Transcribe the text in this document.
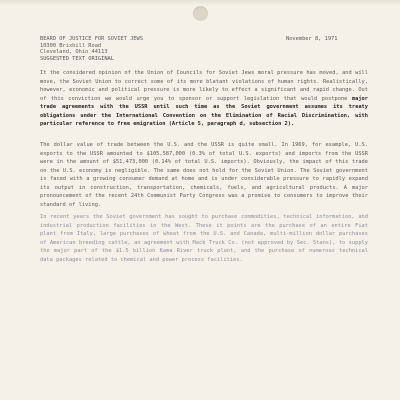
BEARD OF JUSTICE FOR SOVIET JEWS
10300 Brixhill Road
Cleveland, Ohio 44113
November 8, 1971
SUGGESTED TEXT ORIGINAL
It the considered opinion of the Union of Councils for Soviet Jews moral pressure has moved, and will move, the Soviet Union to correct some of its more blatant violations of human rights. Realistically, however, economic and political pressure is more likely to effect a significant and rapid change. Out of this conviction we would urge you to sponsor or support legislation that would postpone major trade agreements with the USSR until such time as the Soviet government assumes its treaty obligations under the International Convention on the Elimination of Racial Discrimination, with particular reference to free emigration (Article 5, paragraph d, subsection 2).
The dollar value of trade between the U.S. and the USSR is quite small. In 1969, for example, U.S. exports to the USSR amounted to $105,587,000 (0.3% of total U.S. exports) and imports from the USSR were in the amount of $51,473,000 (0.14% of total U.S. imports). Obviously, the impact of this trade on the U.S. economy is negligible. The same does not hold for the Soviet Union. The Soviet government is faced with a growing consumer demand at home and is under considerable pressure to rapidly expand its output in construction, transportation, chemicals, fuels, and agricultural products. A major pronouncement of the recent 24th Communist Party Congress was a promise to consumers to improve their standard of living.
In recent years the Soviet government has sought to purchase commodities, technical information, and industrial production facilities in the West. These it points are the purchase of an entire Fiat plant from Italy, large purchases of wheat from the U.S. and Canada, multi-million dollar purchases of American breeding cattle, an agreement with Mack Truck Co. (not approved by Sec. Stans), to supply the major part of the $1.5 billion Kama River truck plant, and the purchase of numerous technical data packages related to chemical and power process facilities.
